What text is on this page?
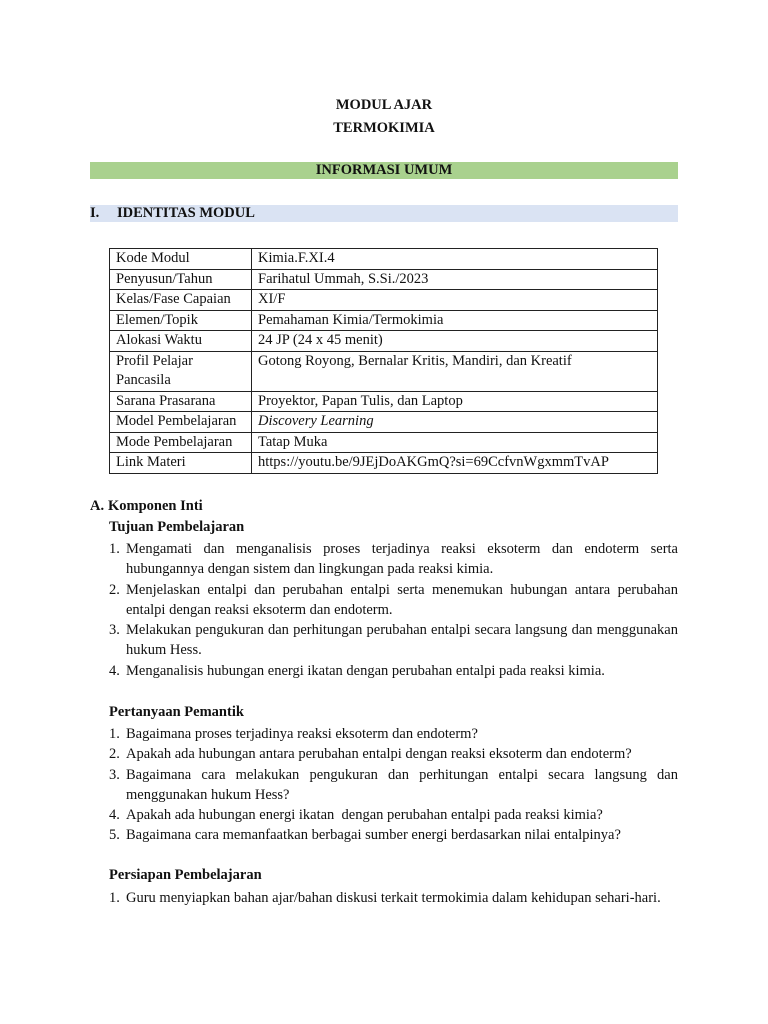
MODUL AJAR
TERMOKIMIA
INFORMASI UMUM
I. IDENTITAS MODUL
Kode Modul	Kimia.F.XI.4
Penyusun/Tahun	Farihatul Ummah, S.Si./2023
Kelas/Fase Capaian	XI/F
Elemen/Topik	Pemahaman Kimia/Termokimia
Alokasi Waktu	24 JP (24 x 45 menit)
Profil Pelajar Pancasila	Gotong Royong, Bernalar Kritis, Mandiri, dan Kreatif
Sarana Prasarana	Proyektor, Papan Tulis, dan Laptop
Model Pembelajaran	Discovery Learning
Mode Pembelajaran	Tatap Muka
Link Materi	https://youtu.be/9JEjDoAKGmQ?si=69CcfvnWgxmmTvAP
A. Komponen Inti
Tujuan Pembelajaran
1. Mengamati dan menganalisis proses terjadinya reaksi eksoterm dan endoterm serta hubungannya dengan sistem dan lingkungan pada reaksi kimia.
2. Menjelaskan entalpi dan perubahan entalpi serta menemukan hubungan antara perubahan entalpi dengan reaksi eksoterm dan endoterm.
3. Melakukan pengukuran dan perhitungan perubahan entalpi secara langsung dan menggunakan hukum Hess.
4. Menganalisis hubungan energi ikatan dengan perubahan entalpi pada reaksi kimia.
Pertanyaan Pemantik
1. Bagaimana proses terjadinya reaksi eksoterm dan endoterm?
2. Apakah ada hubungan antara perubahan entalpi dengan reaksi eksoterm dan endoterm?
3. Bagaimana cara melakukan pengukuran dan perhitungan entalpi secara langsung dan menggunakan hukum Hess?
4. Apakah ada hubungan energi ikatan  dengan perubahan entalpi pada reaksi kimia?
5. Bagaimana cara memanfaatkan berbagai sumber energi berdasarkan nilai entalpinya?
Persiapan Pembelajaran
1. Guru menyiapkan bahan ajar/bahan diskusi terkait termokimia dalam kehidupan sehari-hari.
